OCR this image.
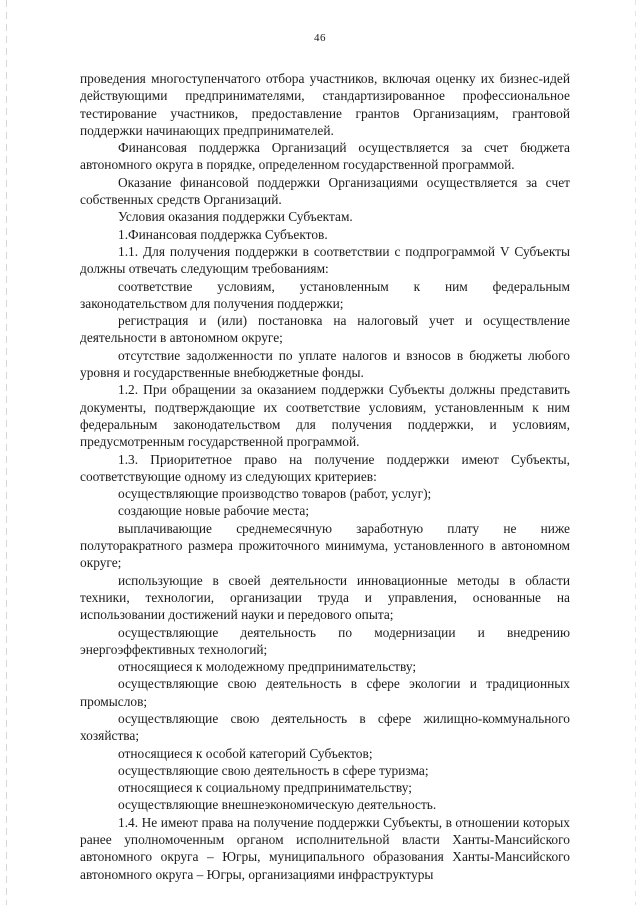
46

проведения многоступенчатого отбора участников, включая оценку их бизнес-идей действующими предпринимателями, стандартизированное профессиональное тестирование участников, предоставление грантов Организациям, грантовой поддержки начинающих предпринимателей.

Финансовая поддержка Организаций осуществляется за счет бюджета автономного округа в порядке, определенном государственной программой.

Оказание финансовой поддержки Организациями осуществляется за счет собственных средств Организаций.

Условия оказания поддержки Субъектам.

1.Финансовая поддержка Субъектов.

1.1. Для получения поддержки в соответствии с подпрограммой V Субъекты должны отвечать следующим требованиям:

соответствие условиям, установленным к ним федеральным законодательством для получения поддержки;

регистрация и (или) постановка на налоговый учет и осуществление деятельности в автономном округе;

отсутствие задолженности по уплате налогов и взносов в бюджеты любого уровня и государственные внебюджетные фонды.

1.2. При обращении за оказанием поддержки Субъекты должны представить документы, подтверждающие их соответствие условиям, установленным к ним федеральным законодательством для получения поддержки, и условиям, предусмотренным государственной программой.

1.3. Приоритетное право на получение поддержки имеют Субъекты, соответствующие одному из следующих критериев:

осуществляющие производство товаров (работ, услуг);

создающие новые рабочие места;

выплачивающие среднемесячную заработную плату не ниже полуторакратного размера прожиточного минимума, установленного в автономном округе;

использующие в своей деятельности инновационные методы в области техники, технологии, организации труда и управления, основанные на использовании достижений науки и передового опыта;

осуществляющие деятельность по модернизации и внедрению энергоэффективных технологий;

относящиеся к молодежному предпринимательству;

осуществляющие свою деятельность в сфере экологии и традиционных промыслов;

осуществляющие свою деятельность в сфере жилищно-коммунального хозяйства;

относящиеся к особой категорий Субъектов;

осуществляющие свою деятельность в сфере туризма;

относящиеся к социальному предпринимательству;

осуществляющие внешнеэкономическую деятельность.

1.4. Не имеют права на получение поддержки Субъекты, в отношении которых ранее уполномоченным органом исполнительной власти Ханты-Мансийского автономного округа – Югры, муниципального образования Ханты-Мансийского автономного округа – Югры, организациями инфраструктуры
